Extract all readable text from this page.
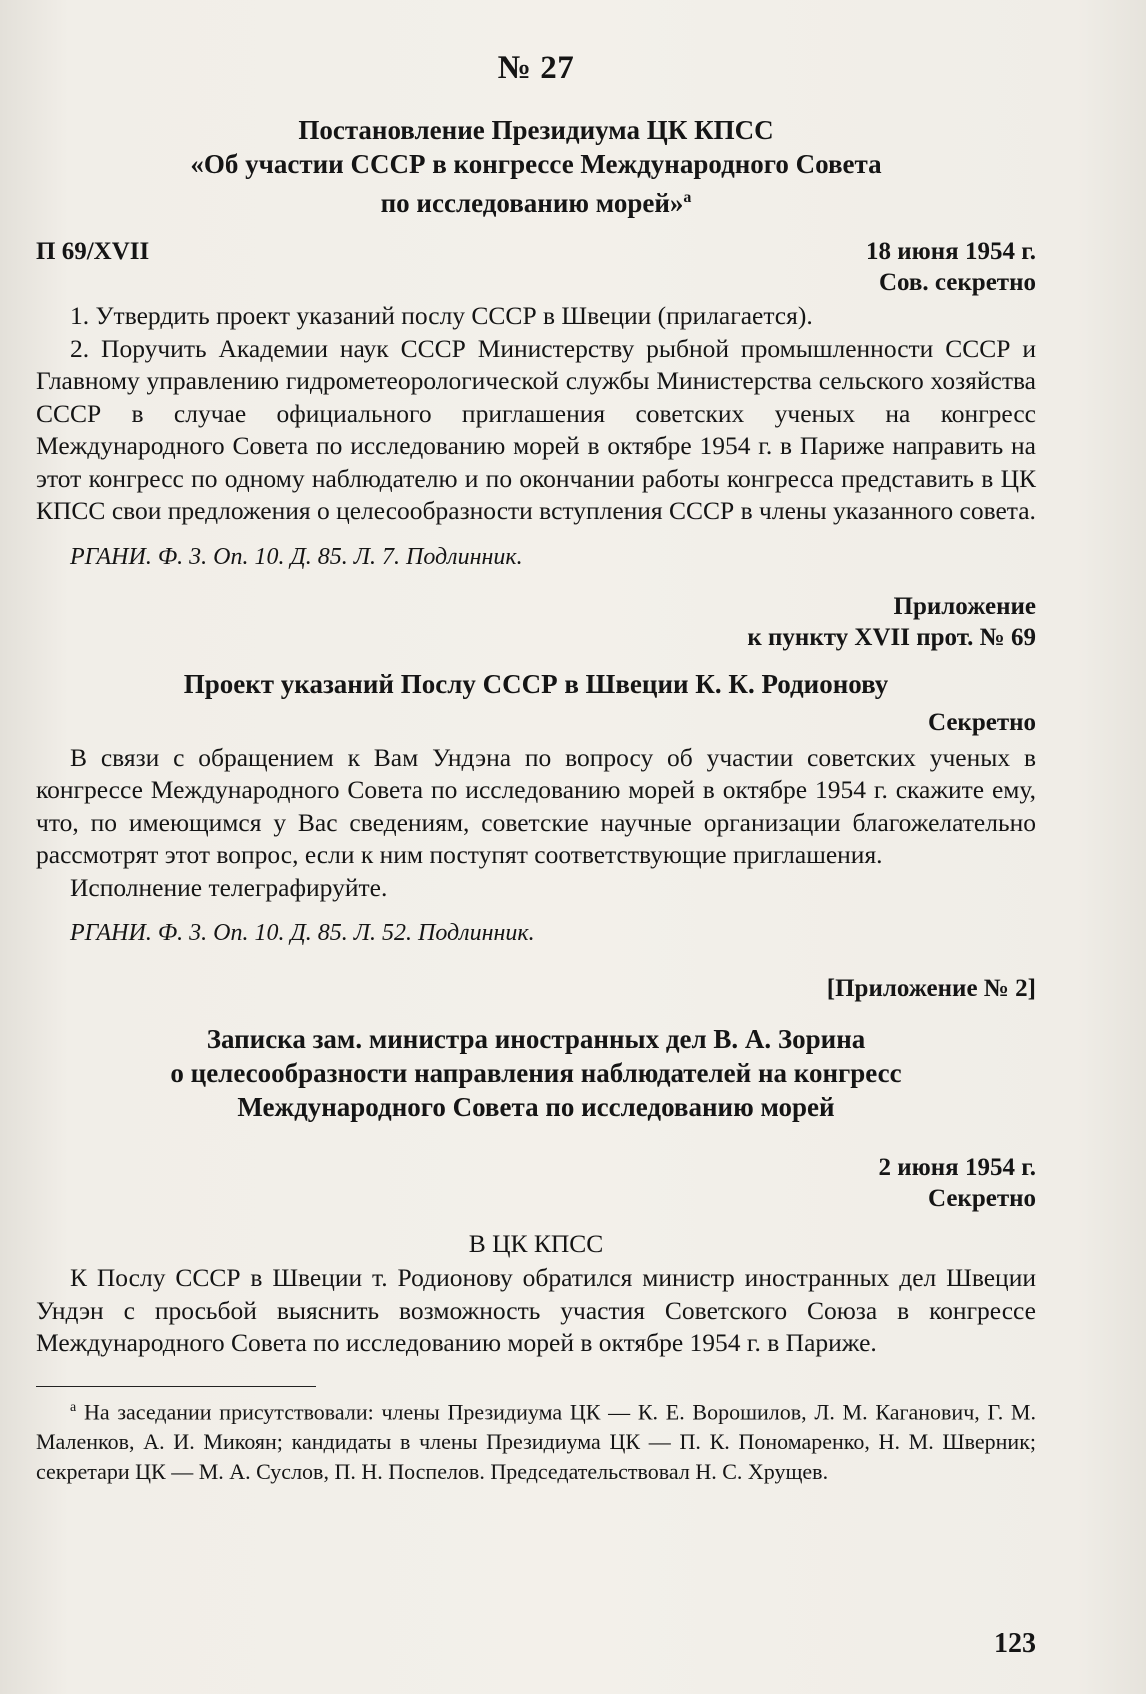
№ 27

Постановление Президиума ЦК КПСС

«Об участии СССР в конгрессе Международного Совета

по исследованию морей»$^а$

П 69/XVII	18 июня 1954 г.
Сов. секретно

1. Утвердить проект указаний послу СССР в Швеции (прилагается).

2. Поручить Академии наук СССР Министерству рыбной промышленности СССР и Главному управлению гидрометеорологической службы Министерства сельского хозяйства СССР в случае официального приглашения советских ученых на конгресс Международного Совета по исследованию морей в октябре 1954 г. в Париже направить на этот конгресс по одному наблюдателю и по окончании работы конгресса представить в ЦК КПСС свои предложения о целесообразности вступления СССР в члены указанного совета.

РГАНИ. Ф. 3. Оп. 10. Д. 85. Л. 7. Подлинник.

Приложение
к пункту XVII прот. № 69

Проект указаний Послу СССР в Швеции К. К. Родионову

Секретно

В связи с обращением к Вам Ундэна по вопросу об участии советских ученых в конгрессе Международного Совета по исследованию морей в октябре 1954 г. скажите ему, что, по имеющимся у Вас сведениям, советские научные организации благожелательно рассмотрят этот вопрос, если к ним поступят соответствующие приглашения.

Исполнение телеграфируйте.

РГАНИ. Ф. 3. Оп. 10. Д. 85. Л. 52. Подлинник.

[Приложение № 2]

Записка зам. министра иностранных дел В. А. Зорина

о целесообразности направления наблюдателей на конгресс

Международного Совета по исследованию морей

2 июня 1954 г.
Секретно
В ЦК КПСС

К Послу СССР в Швеции т. Родионову обратился министр иностранных дел Швеции Ундэн с просьбой выяснить возможность участия Советского Союза в конгрессе Международного Совета по исследованию морей в октябре 1954 г. в Париже.

$^а$ На заседании присутствовали: члены Президиума ЦК — К. Е. Ворошилов, Л. М. Каганович, Г. М. Маленков, А. И. Микоян; кандидаты в члены Президиума ЦК — П. К. Пономаренко, Н. М. Шверник; секретари ЦК — М. А. Суслов, П. Н. Поспелов. Председательствовал Н. С. Хрущев.

123
